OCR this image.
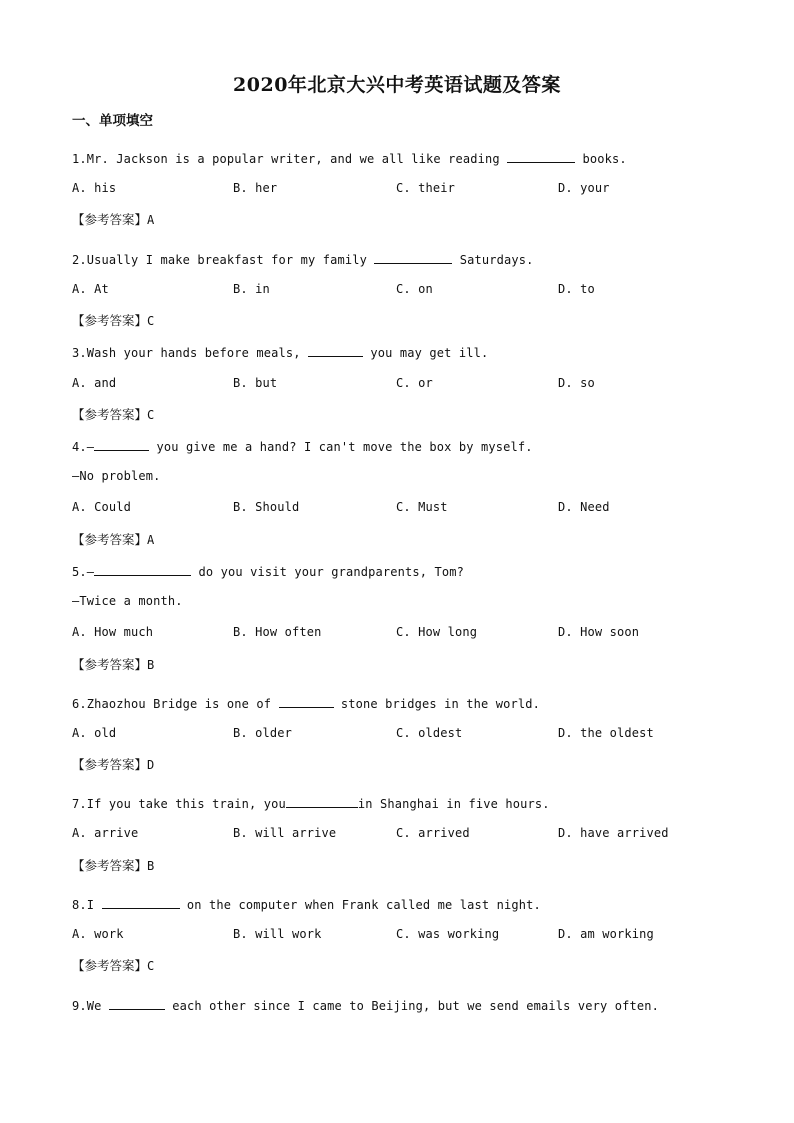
2020年北京大兴中考英语试题及答案
一、单项填空
1.Mr. Jackson is a popular writer, and we all like reading	books.
A. his	B. her	C. their	D. your
【参考答案】A
2.Usually I make breakfast for my family	Saturdays.
A. At	B. in	C. on	D. to
【参考答案】C
3.Wash your hands before meals,	you may get ill.
A. and	B. but	C. or	D. so
【参考答案】C
4.—	you give me a hand? I can't move the box by myself.
—No problem.
A. Could	B. Should	C. Must	D. Need
【参考答案】A
5.—	do you visit your grandparents, Tom?
—Twice a month.
A. How much	B. How often	C. How long	D. How soon
【参考答案】B
6.Zhaozhou Bridge is one of	stone bridges in the world.
A. old	B. older	C. oldest	D. the oldest
【参考答案】D
7.If you take this train, you	in Shanghai in five hours.
A. arrive	B. will arrive	C. arrived	D. have arrived
【参考答案】B
8.I	on the computer when Frank called me last night.
A. work	B. will work	C. was working	D. am working
【参考答案】C
9.We	each other since I came to Beijing, but we send emails very often.
